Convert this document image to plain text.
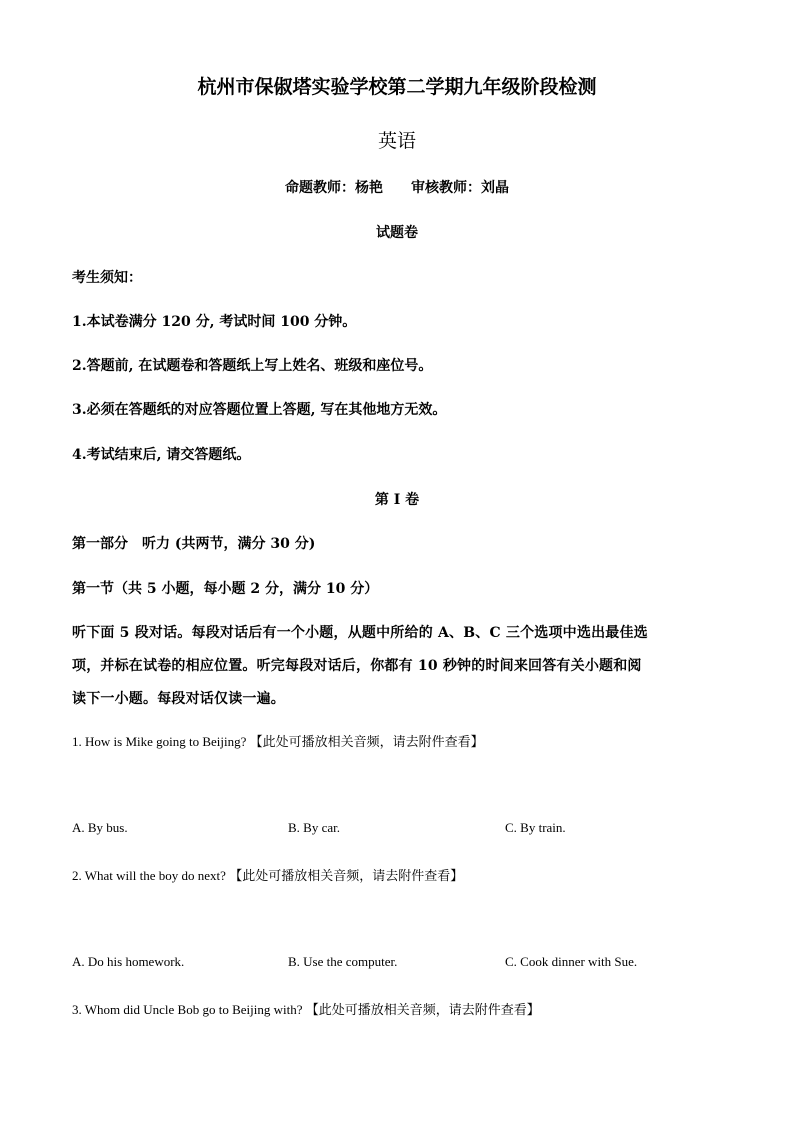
杭州市保俶塔实验学校第二学期九年级阶段检测
英语
命题教师：杨艳　　审核教师：刘晶
试题卷
考生须知：
1.本试卷满分 120 分, 考试时间 100 分钟。
2.答题前, 在试题卷和答题纸上写上姓名、班级和座位号。
3.必须在答题纸的对应答题位置上答题, 写在其他地方无效。
4.考试结束后, 请交答题纸。
第 I 卷
第一部分　听力 (共两节，满分 30 分)
第一节（共 5 小题，每小题 2 分，满分 10 分）
听下面 5 段对话。每段对话后有一个小题，从题中所给的 A、B、C 三个选项中选出最佳选
项，并标在试卷的相应位置。听完每段对话后，你都有 10 秒钟的时间来回答有关小题和阅
读下一小题。每段对话仅读一遍。
1. How is Mike going to Beijing? 【此处可播放相关音频，请去附件查看】
A. By bus.	B. By car.	C. By train.
2. What will the boy do next? 【此处可播放相关音频，请去附件查看】
A. Do his homework.	B. Use the computer.	C. Cook dinner with Sue.
3. Whom did Uncle Bob go to Beijing with? 【此处可播放相关音频，请去附件查看】
